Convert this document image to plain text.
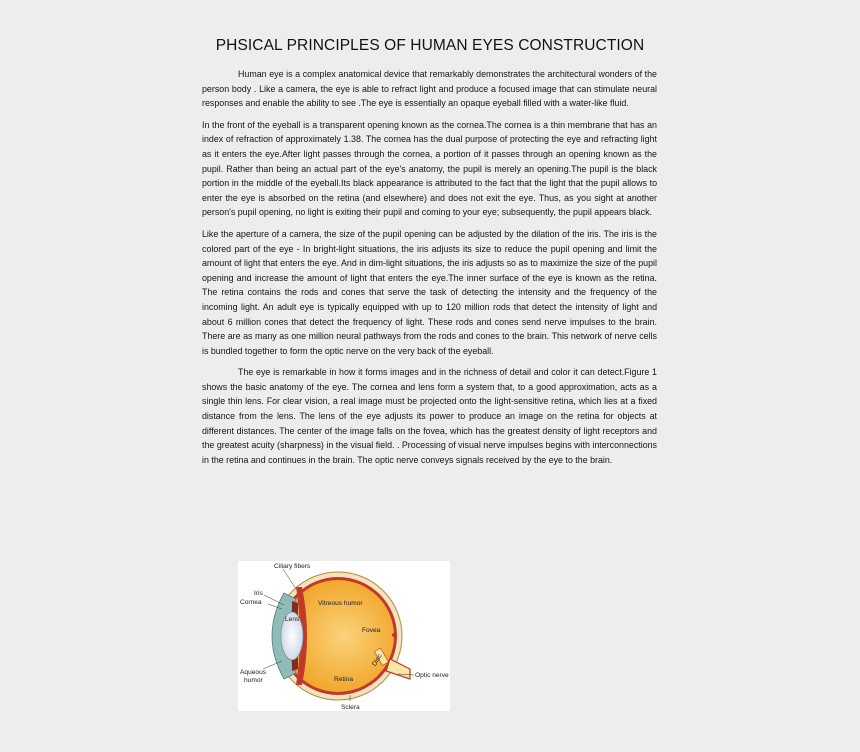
PHSICAL PRINCIPLES OF HUMAN EYES CONSTRUCTION

Human eye is a complex anatomical device that remarkably demonstrates the architectural wonders of the person body . Like a camera, the eye is able to refract light and produce a focused image that can stimulate neural responses and enable the ability to see .The eye is essentially an opaque eyeball filled with a water-like fluid.

In the front of the eyeball is a transparent opening known as the cornea.The cornea is a thin membrane that has an index of refraction of approximately 1.38. The cornea has the dual purpose of protecting the eye and refracting light as it enters the eye.After light passes through the cornea, a portion of it passes through an opening known as the pupil. Rather than being an actual part of the eye's anatomy, the pupil is merely an opening.The pupil is the black portion in the middle of the eyeball.Its black appearance is attributed to the fact that the light that the pupil allows to enter the eye is absorbed on the retina (and elsewhere) and does not exit the eye. Thus, as you sight at another person's pupil opening, no light is exiting their pupil and coming to your eye; subsequently, the pupil appears black.

Like the aperture of a camera, the size of the pupil opening can be adjusted by the dilation of the iris. The iris is the colored part of the eye - In bright-light situations, the iris adjusts its size to reduce the pupil opening and limit the amount of light that enters the eye. And in dim-light situations, the iris adjusts so as to maximize the size of the pupil opening and increase the amount of light that enters the eye.The inner surface of the eye is known as the retina. The retina contains the rods and cones that serve the task of detecting the intensity and the frequency of the incoming light. An adult eye is typically equipped with up to 120 million rods that detect the intensity of light and about 6 million cones that detect the frequency of light. These rods and cones send nerve impulses to the brain. There are as many as one million neural pathways from the rods and cones to the brain. This network of nerve cells is bundled together to form the optic nerve on the very back of the eyeball.

The eye is remarkable in how it forms images and in the richness of detail and color it can detect.Figure 1 shows the basic anatomy of the eye. The cornea and lens form a system that, to a good approximation, acts as a single thin lens. For clear vision, a real image must be projected onto the light-sensitive retina, which lies at a fixed distance from the lens. The lens of the eye adjusts its power to produce an image on the retina for objects at different distances. The center of the image falls on the fovea, which has the greatest density of light receptors and the greatest acuity (sharpness) in the visual field. . Processing of visual nerve impulses begins with interconnections in the retina and continues in the brain. The optic nerve conveys signals received by the eye to the brain.

Ciliary fibers
Iris
Cornea
Lens
Vitreous humor
Fovea
Disc
Optic nerve
Retina
Aqueous
humor
Sclera
